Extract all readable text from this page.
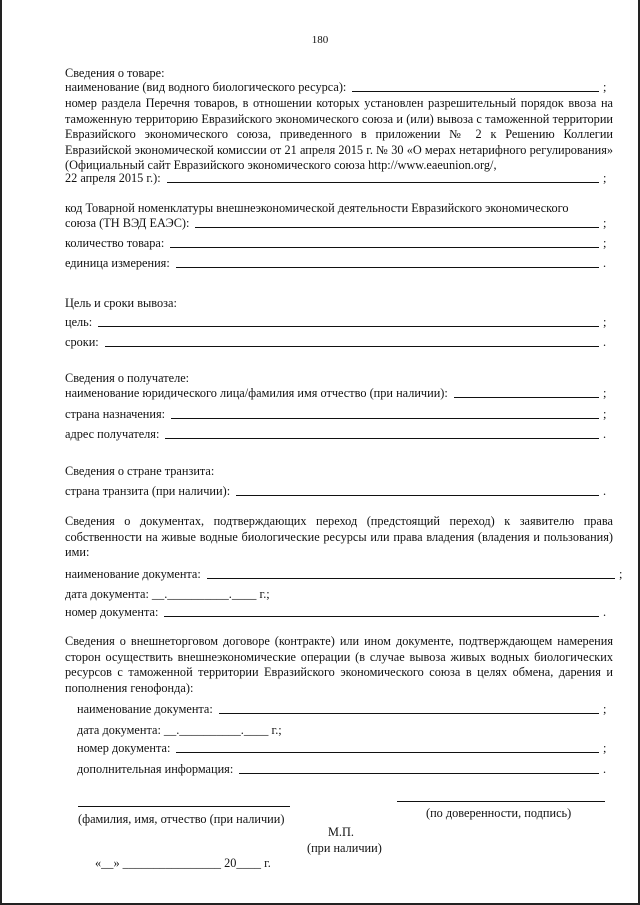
180
Сведения о товаре:
наименование (вид водного биологического ресурса):	;
номер раздела Перечня товаров, в отношении которых установлен разрешительный порядок ввоза на таможенную территорию Евразийского экономического союза и (или) вывоза с таможенной территории Евразийского экономического союза, приведенного в приложении № 2 к Решению Коллегии Евразийской экономической комиссии от 21 апреля 2015 г. № 30 «О мерах нетарифного регулирования» (Официальный сайт Евразийского экономического союза http://www.eaeunion.org/,
22 апреля 2015 г.):	;
код Товарной номенклатуры внешнеэкономической деятельности Евразийского экономического
союза (ТН ВЭД ЕАЭС):	;
количество товара:	;
единица измерения:	.
Цель и сроки вывоза:
цель:	;
сроки:	.
Сведения о получателе:
наименование юридического лица/фамилия имя отчество (при наличии):	;
страна назначения:	;
адрес получателя:	.
Сведения о стране транзита:
страна транзита (при наличии):	.
Сведения о документах, подтверждающих переход (предстоящий переход) к заявителю права собственности на живые водные биологические ресурсы или права владения (владения и пользования) ими:
наименование документа:	;
дата документа: __.__________.____ г.;
номер документа:	.
Сведения о внешнеторговом договоре (контракте) или ином документе, подтверждающем намерения сторон осуществить внешнеэкономические операции (в случае вывоза живых водных биологических ресурсов с таможенной территории Евразийского экономического союза в целях обмена, дарения и пополнения генофонда):
наименование документа:	;
дата документа: __.__________.____ г.;
номер документа:	;
дополнительная информация:	.
(фамилия, имя, отчество (при наличии)	(по доверенности, подпись)
М.П.
(при наличии)
«__» ________________ 20____ г.
